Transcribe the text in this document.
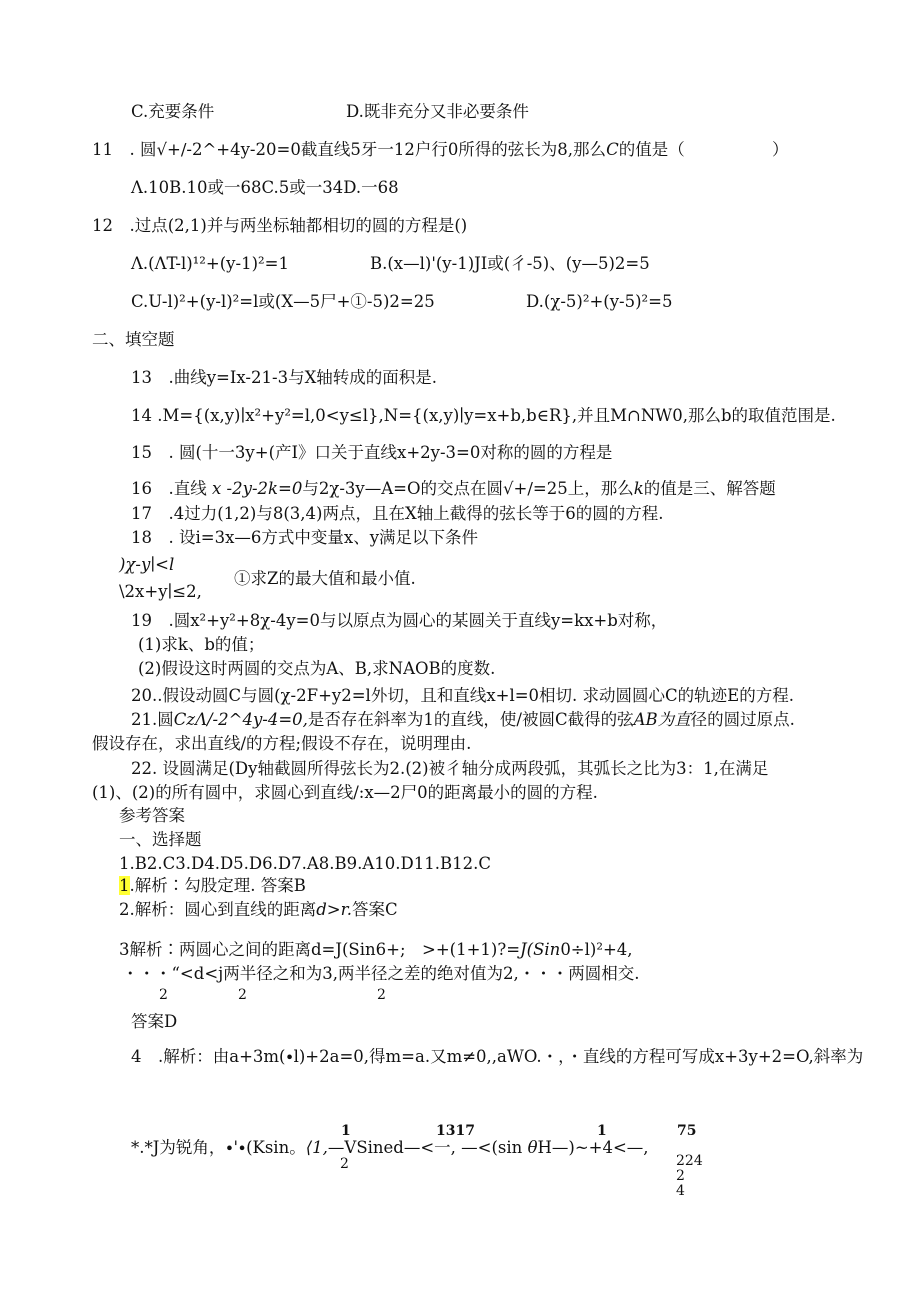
C.充要条件	D.既非充分又非必要条件
11　. 圆√+∕-2^+4y-20=0截直线5牙一12户行0所得的弦长为8,那么C的值是（	）
Λ.10B.10或一68C.5或一34D.一68
12　.过点(2,1)并与两坐标轴都相切的圆的方程是()
Λ.(ΛT-l)¹²+(y-1)²=1	B.(x—l)'(y-1)JI或(彳-5)、(y—5)2=5
C.U-l)²+(y-l)²=l或(X—5尸+①-5)2=25	D.(χ-5)²+(y-5)²=5
二、填空题
13　.曲线y=Ix-21-3与X轴转成的面积是.
14 .M={(x,y)∣x²+y²=l,0<y≤l},N={(x,y)∣y=x+b,b∈R},并且M∩NW0,那么b的取值范围是.
15　. 圆(十一3y+(产I》口关于直线x+2y-3=0对称的圆的方程是
16　.直线 x -2y-2k=0与2χ-3y—A=O的交点在圆√+∕=25上，那么k的值是三、解答题
17　.4过力(1,2)与8(3,4)两点，且在X轴上截得的弦长等于6的圆的方程.
18　. 设i=3x—6方式中变量x、y满足以下条件
)χ-y∣<l
①求Z的最大值和最小值.
\2x+y∣≤2,
19　.圆x²+y²+8χ-4y=0与以原点为圆心的某圆关于直线y=kx+b对称，
(1)求k、b的值；
(2)假设这时两圆的交点为A、B,求NAOB的度数.
20..假设动圆C与圆(χ-2F+y2=l外切，且和直线x+l=0相切. 求动圆圆心C的轨迹E的方程.
21.圆CzΛ/-2^4y-4=0,是否存在斜率为1的直线，使/被圆C截得的弦AB为直径的圆过原点.
假设存在，求出直线/的方程;假设不存在，说明理由.
22. 设圆满足(Dy轴截圆所得弦长为2.(2)被彳轴分成两段弧，其弧长之比为3：1,在满足
(1)、(2)的所有圆中，求圆心到直线/:x—2尸0的距离最小的圆的方程.
参考答案
一、选择题
1.B2.C3.D4.D5.D6.D7.A8.B9.A10.D11.B12.C
1.解析∶勾股定理. 答案B
2.解析：圆心到直线的距离d>r.答案C
3解析∶两圆心之间的距离d=J(Sin6+;　>+(1+1)?=J(Sin0÷l)²+4,
・・・“<d<j两半径之和为3,两半径之差的绝对值为2,・・・两圆相交.
2	2	2
答案D
4　.解析：由a+3m(∙l)+2a=0,得m=a.又m≠0,,aWO.・，・直线的方程可写成x+3y+2=O,斜率为
1	1317	1	75
*.*J为锐角，∙'∙(Ksin。⟨1,—VSined—<一, —<(sin θH—)~+4<—,
2	224
2
4
